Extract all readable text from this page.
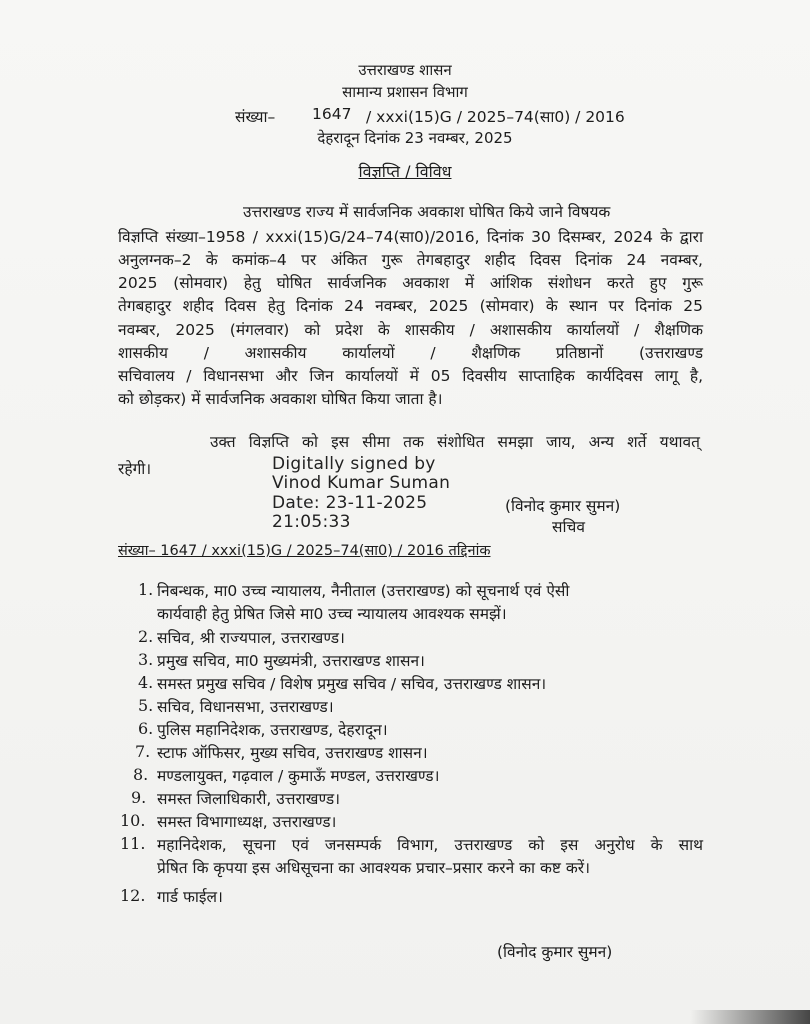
उत्तराखण्ड शासन
सामान्य प्रशासन विभाग
संख्या– 1647 / xxxi(15)G / 2025–74(सा0) / 2016
देहरादून दिनांक 23 नवम्बर, 2025
विज्ञप्ति / विविध
उत्तराखण्ड राज्य में सार्वजनिक अवकाश घोषित किये जाने विषयक
विज्ञप्ति संख्या–1958 / xxxi(15)G/24–74(सा0)/2016, दिनांक 30 दिसम्बर, 2024 के द्वारा
अनुलग्नक–2 के कमांक–4 पर अंकित गुरू तेगबहादुर शहीद दिवस दिनांक 24 नवम्बर,
2025 (सोमवार) हेतु घोषित सार्वजनिक अवकाश में आंशिक संशोधन करते हुए गुरू
तेगबहादुर शहीद दिवस हेतु दिनांक 24 नवम्बर, 2025 (सोमवार) के स्थान पर दिनांक 25
नवम्बर, 2025 (मंगलवार) को प्रदेश के शासकीय / अशासकीय कार्यालयों / शैक्षणिक
शासकीय / अशासकीय कार्यालयों / शैक्षणिक प्रतिष्ठानों (उत्तराखण्ड
सचिवालय / विधानसभा और जिन कार्यालयों में 05 दिवसीय साप्ताहिक कार्यदिवस लागू है,
को छोड़कर) में सार्वजनिक अवकाश घोषित किया जाता है।
उक्त विज्ञप्ति को इस सीमा तक संशोधित समझा जाय, अन्य शर्ते यथावत्
रहेगी।	Digitally signed by
Vinod Kumar Suman
Date: 23-11-2025
21:05:33
(विनोद कुमार सुमन)
सचिव
संख्या– 1647 / xxxi(15)G / 2025–74(सा0) / 2016 तद्दिनांक
1. निबन्धक, मा0 उच्च न्यायालय, नैनीताल (उत्तराखण्ड) को सूचनार्थ एवं ऐसी
कार्यवाही हेतु प्रेषित जिसे मा0 उच्च न्यायालय आवश्यक समझें।
2. सचिव, श्री राज्यपाल, उत्तराखण्ड।
3. प्रमुख सचिव, मा0 मुख्यमंत्री, उत्तराखण्ड शासन।
4. समस्त प्रमुख सचिव / विशेष प्रमुख सचिव / सचिव, उत्तराखण्ड शासन।
5. सचिव, विधानसभा, उत्तराखण्ड।
6. पुलिस महानिदेशक, उत्तराखण्ड, देहरादून।
7. स्टाफ ऑफिसर, मुख्य सचिव, उत्तराखण्ड शासन।
8. मण्डलायुक्त, गढ़वाल / कुमाऊँ मण्डल, उत्तराखण्ड।
9. समस्त जिलाधिकारी, उत्तराखण्ड।
10. समस्त विभागाध्यक्ष, उत्तराखण्ड।
11. महानिदेशक, सूचना एवं जनसम्पर्क विभाग, उत्तराखण्ड को इस अनुरोध के साथ
प्रेषित कि कृपया इस अधिसूचना का आवश्यक प्रचार–प्रसार करने का कष्ट करें।
12. गार्ड फाईल।
(विनोद कुमार सुमन)
